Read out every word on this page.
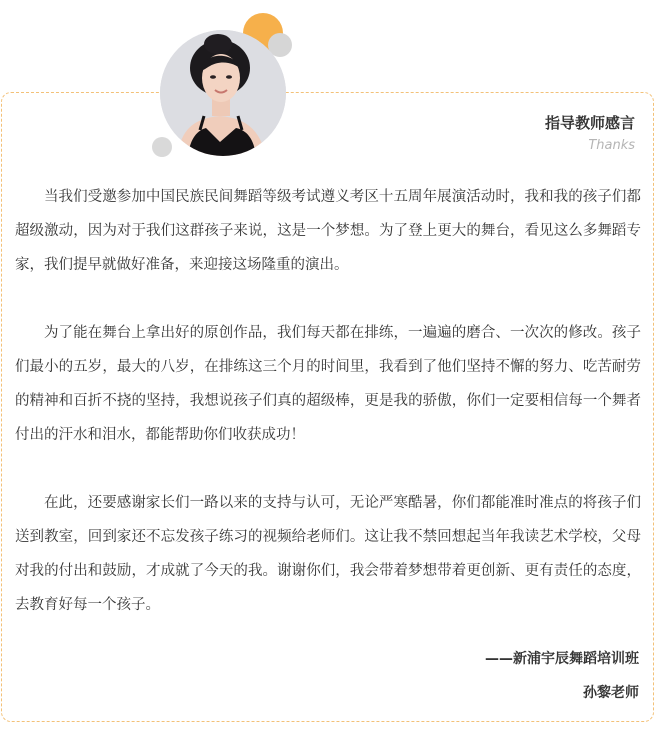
指导教师感言
Thanks

当我们受邀参加中国民族民间舞蹈等级考试遵义考区十五周年展演活动时，我和我的孩子们都超级激动，因为对于我们这群孩子来说，这是一个梦想。为了登上更大的舞台，看见这么多舞蹈专家，我们提早就做好准备，来迎接这场隆重的演出。

为了能在舞台上拿出好的原创作品，我们每天都在排练，一遍遍的磨合、一次次的修改。孩子们最小的五岁，最大的八岁，在排练这三个月的时间里，我看到了他们坚持不懈的努力、吃苦耐劳的精神和百折不挠的坚持，我想说孩子们真的超级棒，更是我的骄傲，你们一定要相信每一个舞者付出的汗水和泪水，都能帮助你们收获成功！

在此，还要感谢家长们一路以来的支持与认可，无论严寒酷暑，你们都能准时准点的将孩子们送到教室，回到家还不忘发孩子练习的视频给老师们。这让我不禁回想起当年我读艺术学校，父母对我的付出和鼓励，才成就了今天的我。谢谢你们，我会带着梦想带着更创新、更有责任的态度，去教育好每一个孩子。

——新浦宇辰舞蹈培训班
孙黎老师
